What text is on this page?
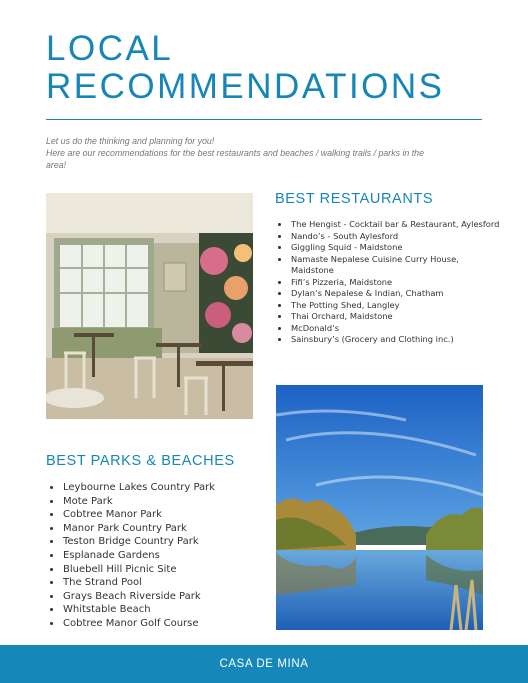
LOCAL
RECOMMENDATIONS
Let us do the thinking and planning for you!
Here are our recommendations for the best restaurants and beaches / walking trails / parks in the
area!
BEST RESTAURANTS
• The Hengist - Cocktail bar & Restaurant, Aylesford
• Nando’s - South Aylesford
• Giggling Squid - Maidstone
• Namaste Nepalese Cuisine Curry House, Maidstone
• Fifi’s Pizzeria, Maidstone
• Dylan’s Nepalese & Indian, Chatham
• The Potting Shed, Langley
• Thai Orchard, Maidstone
• McDonald’s
• Sainsbury’s (Grocery and Clothing inc.)
BEST PARKS & BEACHES
• Leybourne Lakes Country Park
• Mote Park
• Cobtree Manor Park
• Manor Park Country Park
• Teston Bridge Country Park
• Esplanade Gardens
• Bluebell Hill Picnic Site
• The Strand Pool
• Grays Beach Riverside Park
• Whitstable Beach
• Cobtree Manor Golf Course
CASA DE MINA
